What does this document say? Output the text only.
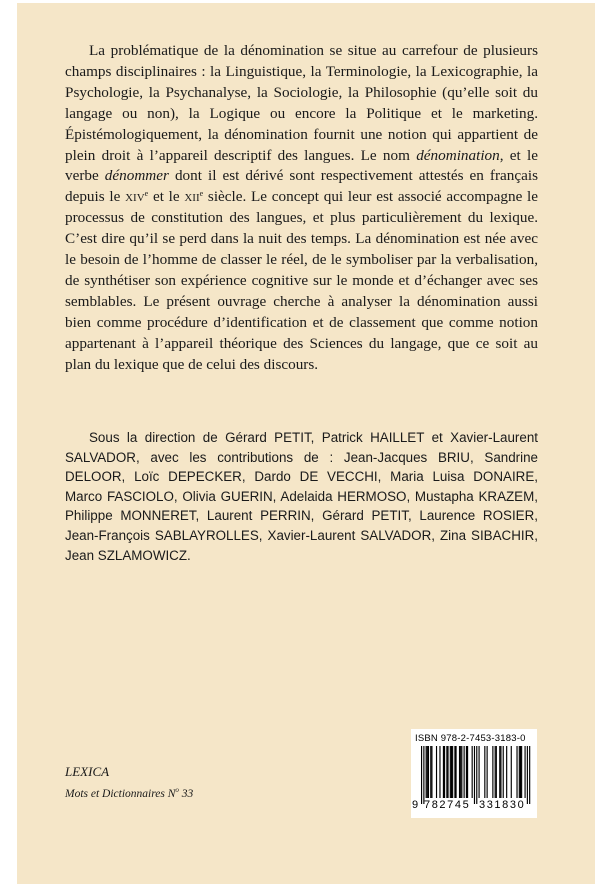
La problématique de la dénomination se situe au carrefour de plusieurs champs disciplinaires : la Linguistique, la Terminologie, la Lexicographie, la Psychologie, la Psychanalyse, la Sociologie, la Philosophie (qu’elle soit du langage ou non), la Logique ou encore la Politique et le marketing. Épistémologiquement, la dénomination fournit une notion qui appartient de plein droit à l’appareil descriptif des langues. Le nom dénomination, et le verbe dénommer dont il est dérivé sont respectivement attestés en français depuis le xiv$^e$ et le xii$^e$ siècle. Le concept qui leur est associé accompagne le processus de constitution des langues, et plus particulièrement du lexique. C’est dire qu’il se perd dans la nuit des temps. La dénomination est née avec le besoin de l’homme de classer le réel, de le symboliser par la verbalisation, de synthétiser son expérience cognitive sur le monde et d’échanger avec ses semblables. Le présent ouvrage cherche à analyser la dénomination aussi bien comme procédure d’identification et de classement que comme notion appartenant à l’appareil théorique des Sciences du langage, que ce soit au plan du lexique que de celui des discours.

Sous la direction de Gérard PETIT, Patrick HAILLET et Xavier-Laurent SALVADOR, avec les contributions de : Jean-Jacques BRIU, Sandrine DELOOR, Loïc DEPECKER, Dardo DE VECCHI, Maria Luisa DONAIRE, Marco FASCIOLO, Olivia GUERIN, Adelaida HERMOSO, Mustapha KRAZEM, Philippe MONNERET, Laurent PERRIN, Gérard PETIT, Laurence ROSIER, Jean-François SABLAYROLLES, Xavier-Laurent SALVADOR, Zina SIBACHIR, Jean SZLAMOWICZ.

LEXICA
Mots et Dictionnaires $N^o$ 33
ISBN 978-2-7453-3183-0
9 782745 331830
